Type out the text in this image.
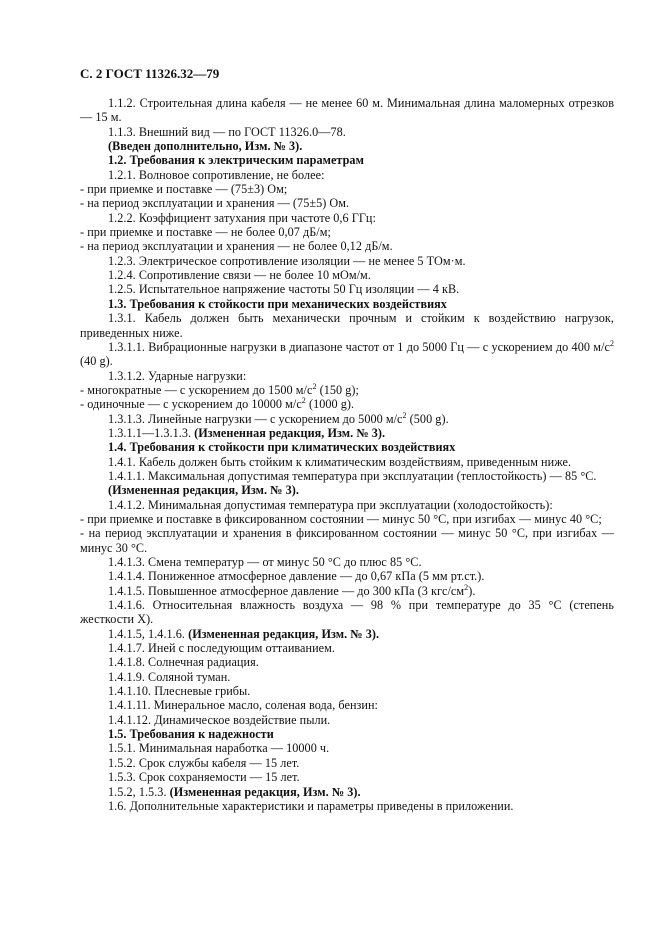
С. 2 ГОСТ 11326.32—79

1.1.2. Строительная длина кабеля — не менее 60 м. Минимальная длина маломерных отрезков — 15 м.

1.1.3. Внешний вид — по ГОСТ 11326.0—78.

(Введен дополнительно, Изм. № 3).

1.2. Требования к электрическим параметрам

1.2.1. Волновое сопротивление, не более:

- при приемке и поставке — (75±3) Ом;

- на период эксплуатации и хранения — (75±5) Ом.

1.2.2. Коэффициент затухания при частоте 0,6 ГГц:

- при приемке и поставке — не более 0,07 дБ/м;

- на период эксплуатации и хранения — не более 0,12 дБ/м.

1.2.3. Электрическое сопротивление изоляции — не менее 5 ТОм·м.

1.2.4. Сопротивление связи — не более 10 мОм/м.

1.2.5. Испытательное напряжение частоты 50 Гц изоляции — 4 кВ.

1.3. Требования к стойкости при механических воздействиях

1.3.1. Кабель должен быть механически прочным и стойким к воздействию нагрузок, приведенных ниже.

1.3.1.1. Вибрационные нагрузки в диапазоне частот от 1 до 5000 Гц — с ускорением до 400 $м/с^2$ (40 g).

1.3.1.2. Ударные нагрузки:

- многократные — с ускорением до 1500 $м/с^2$ (150 g);

- одиночные — с ускорением до 10000 $м/с^2$ (1000 g).

1.3.1.3. Линейные нагрузки — с ускорением до 5000 $м/с^2$ (500 g).

1.3.1.1—1.3.1.3. (Измененная редакция, Изм. № 3).

1.4. Требования к стойкости при климатических воздействиях

1.4.1. Кабель должен быть стойким к климатическим воздействиям, приведенным ниже.

1.4.1.1. Максимальная допустимая температура при эксплуатации (теплостойкость) — 85 °С.

(Измененная редакция, Изм. № 3).

1.4.1.2. Минимальная допустимая температура при эксплуатации (холодостойкость):

- при приемке и поставке в фиксированном состоянии — минус 50 °С, при изгибах — минус 40 °С;

- на период эксплуатации и хранения в фиксированном состоянии — минус 50 °С, при изгибах — минус 30 °С.

1.4.1.3. Смена температур — от минус 50 °С до плюс 85 °С.

1.4.1.4. Пониженное атмосферное давление — до 0,67 кПа (5 мм рт.ст.).

1.4.1.5. Повышенное атмосферное давление — до 300 кПа (3 кгс/$см^2$).

1.4.1.6. Относительная влажность воздуха — 98 % при температуре до 35 °С (степень жесткости X).

1.4.1.5, 1.4.1.6. (Измененная редакция, Изм. № 3).

1.4.1.7. Иней с последующим оттаиванием.

1.4.1.8. Солнечная радиация.

1.4.1.9. Соляной туман.

1.4.1.10. Плесневые грибы.

1.4.1.11. Минеральное масло, соленая вода, бензин:

1.4.1.12. Динамическое воздействие пыли.

1.5. Требования к надежности

1.5.1. Минимальная наработка — 10000 ч.

1.5.2. Срок службы кабеля — 15 лет.

1.5.3. Срок сохраняемости — 15 лет.

1.5.2, 1.5.3. (Измененная редакция, Изм. № 3).

1.6. Дополнительные характеристики и параметры приведены в приложении.
